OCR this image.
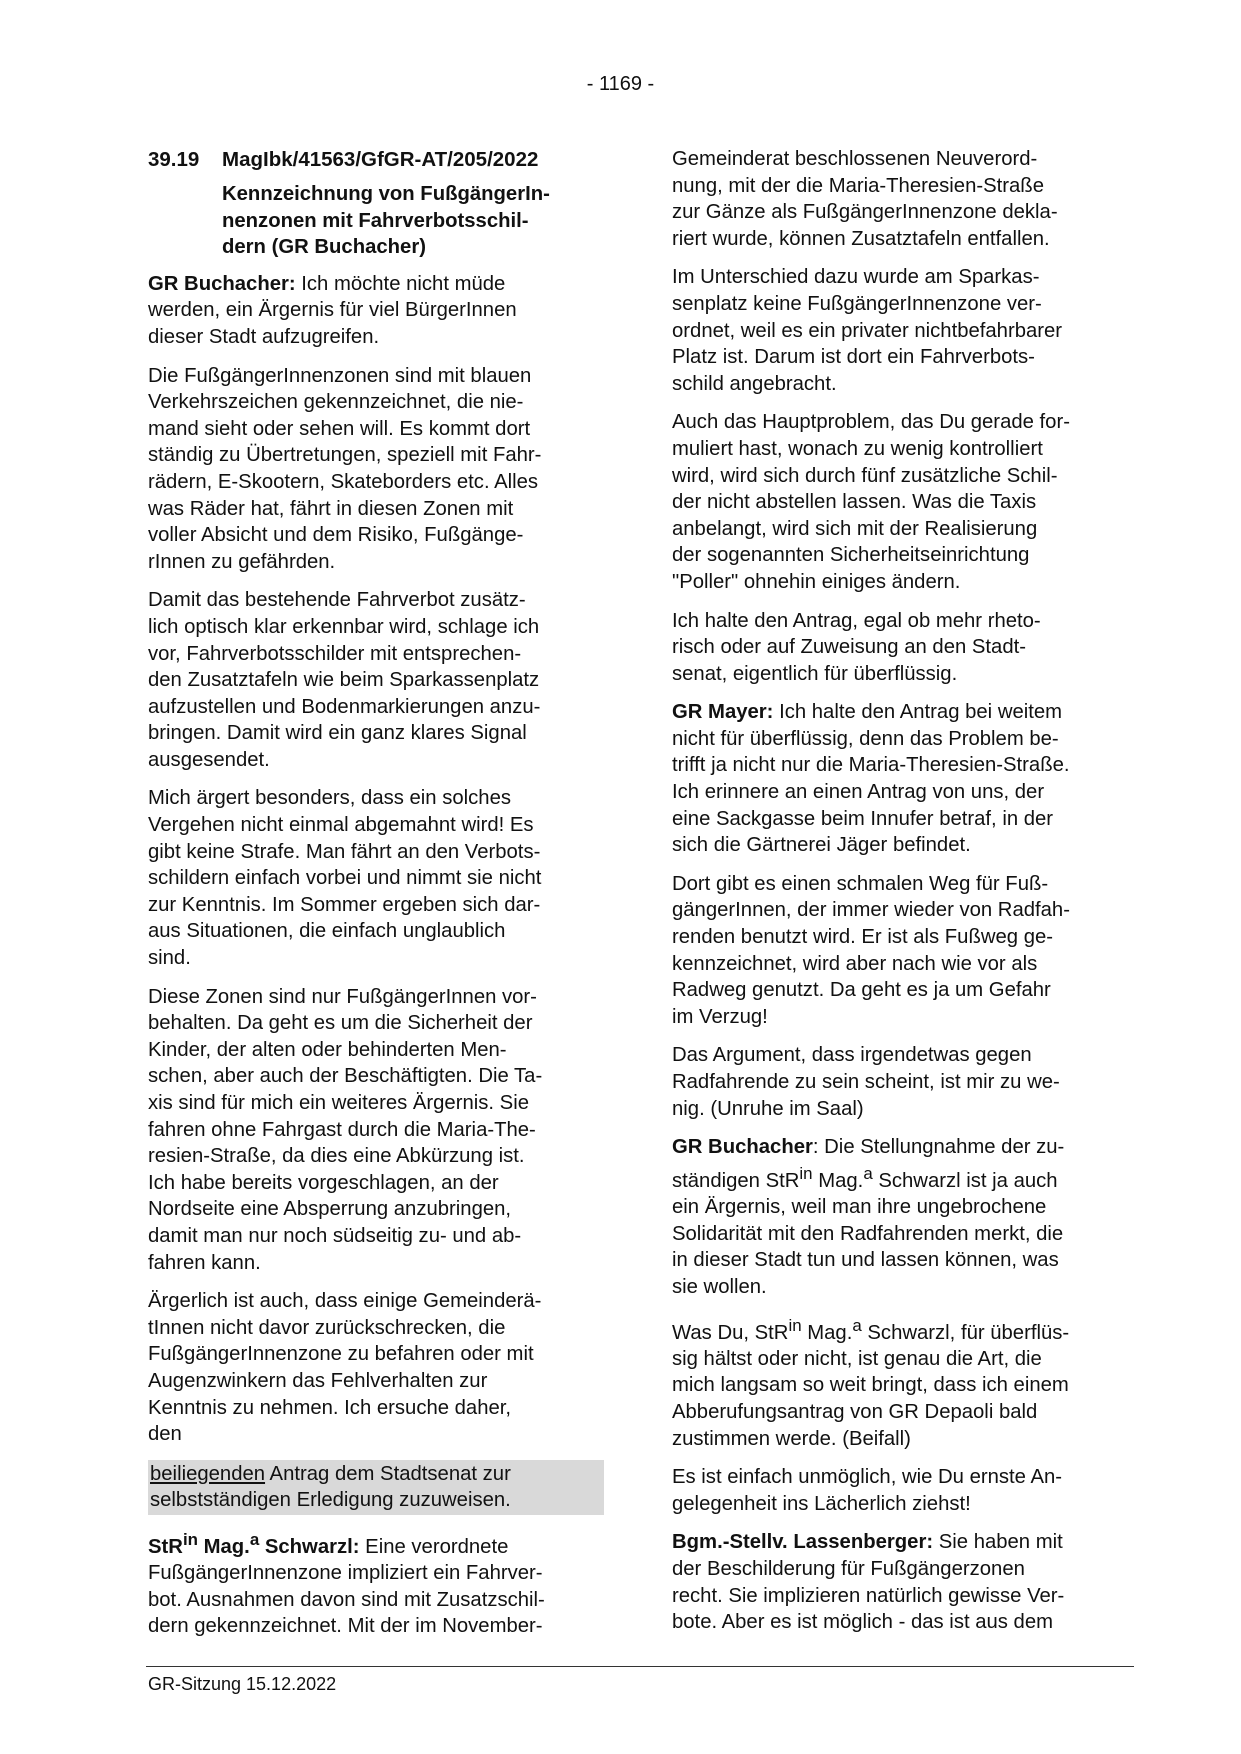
- 1169 -
39.19 MagIbk/41563/GfGR-AT/205/2022

Kennzeichnung von FußgängerIn-
nenzonen mit Fahrverbotsschil-
dern (GR Buchacher)

GR Buchacher: Ich möchte nicht müde
werden, ein Ärgernis für viel BürgerInnen
dieser Stadt aufzugreifen.

Die FußgängerInnenzonen sind mit blauen
Verkehrszeichen gekennzeichnet, die nie-
mand sieht oder sehen will. Es kommt dort
ständig zu Übertretungen, speziell mit Fahr-
rädern, E-Skootern, Skateborders etc. Alles
was Räder hat, fährt in diesen Zonen mit
voller Absicht und dem Risiko, Fußgänge-
rInnen zu gefährden.

Damit das bestehende Fahrverbot zusätz-
lich optisch klar erkennbar wird, schlage ich
vor, Fahrverbotsschilder mit entsprechen-
den Zusatztafeln wie beim Sparkassenplatz
aufzustellen und Bodenmarkierungen anzu-
bringen. Damit wird ein ganz klares Signal
ausgesendet.

Mich ärgert besonders, dass ein solches
Vergehen nicht einmal abgemahnt wird! Es
gibt keine Strafe. Man fährt an den Verbots-
schildern einfach vorbei und nimmt sie nicht
zur Kenntnis. Im Sommer ergeben sich dar-
aus Situationen, die einfach unglaublich
sind.

Diese Zonen sind nur FußgängerInnen vor-
behalten. Da geht es um die Sicherheit der
Kinder, der alten oder behinderten Men-
schen, aber auch der Beschäftigten. Die Ta-
xis sind für mich ein weiteres Ärgernis. Sie
fahren ohne Fahrgast durch die Maria-The-
resien-Straße, da dies eine Abkürzung ist.
Ich habe bereits vorgeschlagen, an der
Nordseite eine Absperrung anzubringen,
damit man nur noch südseitig zu- und ab-
fahren kann.

Ärgerlich ist auch, dass einige Gemeinderä-
tInnen nicht davor zurückschrecken, die
FußgängerInnenzone zu befahren oder mit
Augenzwinkern das Fehlverhalten zur
Kenntnis zu nehmen. Ich ersuche daher,
den

beiliegenden Antrag dem Stadtsenat zur
selbstständigen Erledigung zuzuweisen.

StR$^{in}$ Mag.$^a$ Schwarzl: Eine verordnete
FußgängerInnenzone impliziert ein Fahrver-
bot. Ausnahmen davon sind mit Zusatzschil-
dern gekennzeichnet. Mit der im November-

Gemeinderat beschlossenen Neuverord-
nung, mit der die Maria-Theresien-Straße
zur Gänze als FußgängerInnenzone dekla-
riert wurde, können Zusatztafeln entfallen.

Im Unterschied dazu wurde am Sparkas-
senplatz keine FußgängerInnenzone ver-
ordnet, weil es ein privater nichtbefahrbarer
Platz ist. Darum ist dort ein Fahrverbots-
schild angebracht.

Auch das Hauptproblem, das Du gerade for-
muliert hast, wonach zu wenig kontrolliert
wird, wird sich durch fünf zusätzliche Schil-
der nicht abstellen lassen. Was die Taxis
anbelangt, wird sich mit der Realisierung
der sogenannten Sicherheitseinrichtung
"Poller" ohnehin einiges ändern.

Ich halte den Antrag, egal ob mehr rheto-
risch oder auf Zuweisung an den Stadt-
senat, eigentlich für überflüssig.

GR Mayer: Ich halte den Antrag bei weitem
nicht für überflüssig, denn das Problem be-
trifft ja nicht nur die Maria-Theresien-Straße.
Ich erinnere an einen Antrag von uns, der
eine Sackgasse beim Innufer betraf, in der
sich die Gärtnerei Jäger befindet.

Dort gibt es einen schmalen Weg für Fuß-
gängerInnen, der immer wieder von Radfah-
renden benutzt wird. Er ist als Fußweg ge-
kennzeichnet, wird aber nach wie vor als
Radweg genutzt. Da geht es ja um Gefahr
im Verzug!

Das Argument, dass irgendetwas gegen
Radfahrende zu sein scheint, ist mir zu we-
nig. (Unruhe im Saal)

GR Buchacher: Die Stellungnahme der zu-
ständigen StR$^{in}$ Mag.$^a$ Schwarzl ist ja auch
ein Ärgernis, weil man ihre ungebrochene
Solidarität mit den Radfahrenden merkt, die
in dieser Stadt tun und lassen können, was
sie wollen.

Was Du, StR$^{in}$ Mag.$^a$ Schwarzl, für überflüs-
sig hältst oder nicht, ist genau die Art, die
mich langsam so weit bringt, dass ich einem
Abberufungsantrag von GR Depaoli bald
zustimmen werde. (Beifall)

Es ist einfach unmöglich, wie Du ernste An-
gelegenheit ins Lächerlich ziehst!

Bgm.-Stellv. Lassenberger: Sie haben mit
der Beschilderung für Fußgängerzonen
recht. Sie implizieren natürlich gewisse Ver-
bote. Aber es ist möglich - das ist aus dem

GR-Sitzung 15.12.2022
